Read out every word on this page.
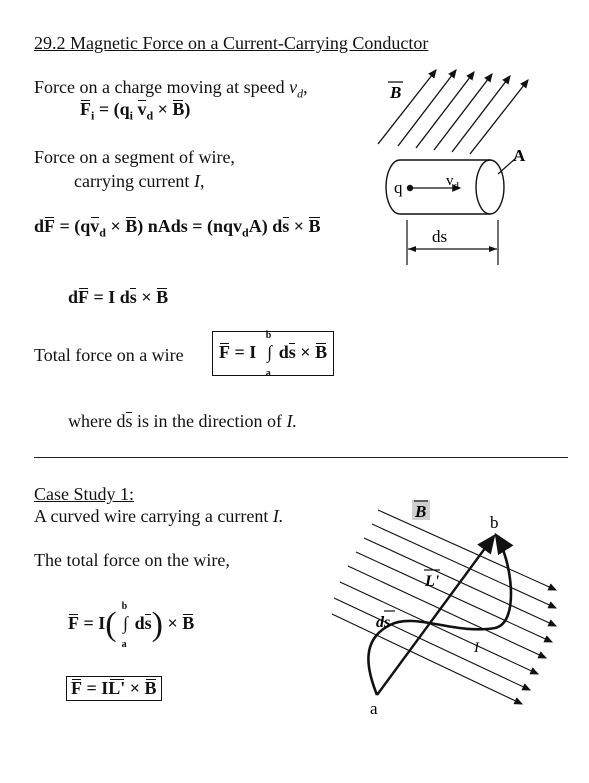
29.2 Magnetic Force on a Current-Carrying Conductor
Force on a charge moving at speed $v_d$,
$F_i = (q_i$ $v_d \times B$)
Force on a segment of wire,
carrying current I,
dF = $(qv_d \times B)$ nAds = (nqv$_d$A) ds × B
dF = I ds × B
Total force on a wire	F = I ∫
b
a
ds × B
where ds is in the direction of I.
B
A
q	$v_d$
ds
Case Study 1:
A curved wire carrying a current I.
The total force on the wire,
F = I( ∫
b
a
ds) × B
F = IL' × B
B
a
b
L'
ds
I
